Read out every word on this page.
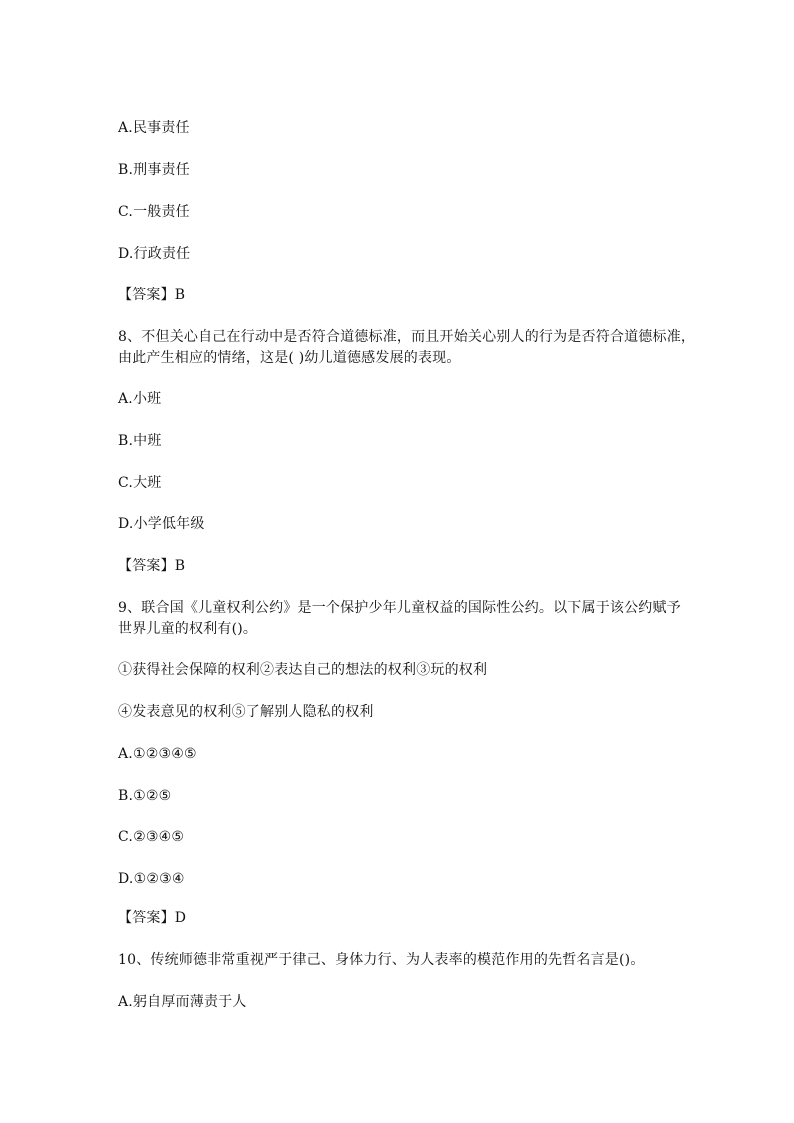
A.民事责任
B.刑事责任
C.一般责任
D.行政责任
【答案】B
8、不但关心自己在行动中是否符合道德标准，而且开始关心别人的行为是否符合道德标准，
由此产生相应的情绪，这是( )幼儿道德感发展的表现。
A.小班
B.中班
C.大班
D.小学低年级
【答案】B
9、联合国《儿童权利公约》是一个保护少年儿童权益的国际性公约。以下属于该公约赋予
世界儿童的权利有()。
①获得社会保障的权利②表达自己的想法的权利③玩的权利
④发表意见的权利⑤了解别人隐私的权利
A.①②③④⑤
B.①②⑤
C.②③④⑤
D.①②③④
【答案】D
10、传统师德非常重视严于律己、身体力行、为人表率的模范作用的先哲名言是()。
A.躬自厚而薄责于人
